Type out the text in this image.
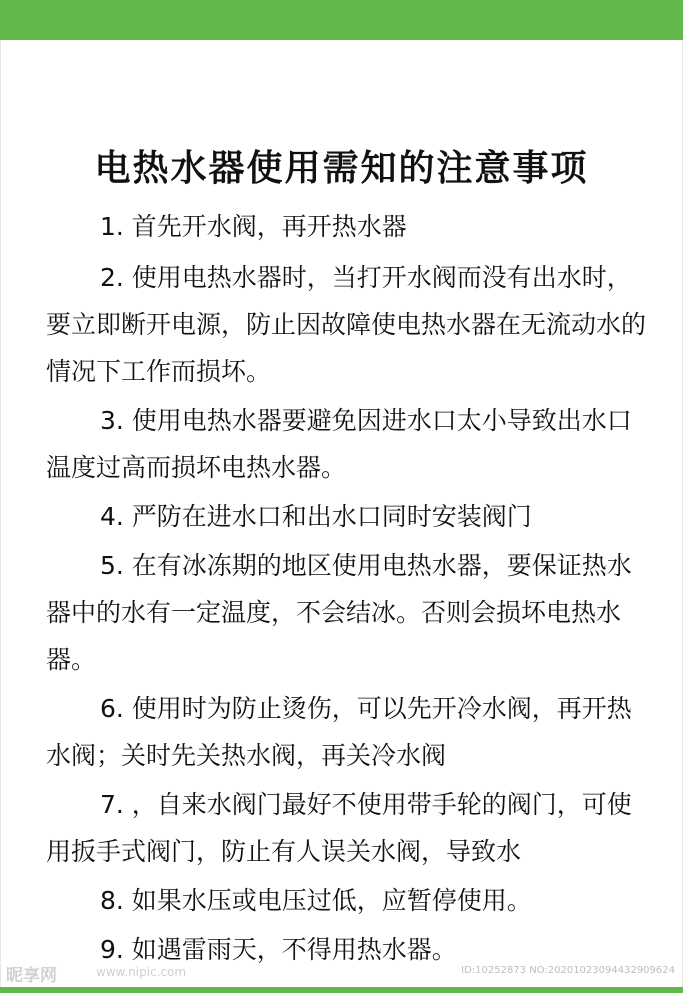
电热水器使用需知的注意事项

1. 首先开水阀，再开热水器

2. 使用电热水器时，当打开水阀而没有出水时，要立即断开电源，防止因故障使电热水器在无流动水的情况下工作而损坏。

3. 使用电热水器要避免因进水口太小导致出水口温度过高而损坏电热水器。

4. 严防在进水口和出水口同时安装阀门

5. 在有冰冻期的地区使用电热水器，要保证热水器中的水有一定温度，不会结冰。否则会损坏电热水器。

6. 使用时为防止烫伤，可以先开冷水阀，再开热水阀；关时先关热水阀，再关冷水阀

7. ，自来水阀门最好不使用带手轮的阀门，可使用扳手式阀门，防止有人误关水阀，导致水

8. 如果水压或电压过低，应暂停使用。

9. 如遇雷雨天，不得用热水器。

昵享网	www.nipic.com	ID:10252873 NO:20201023094432909624
